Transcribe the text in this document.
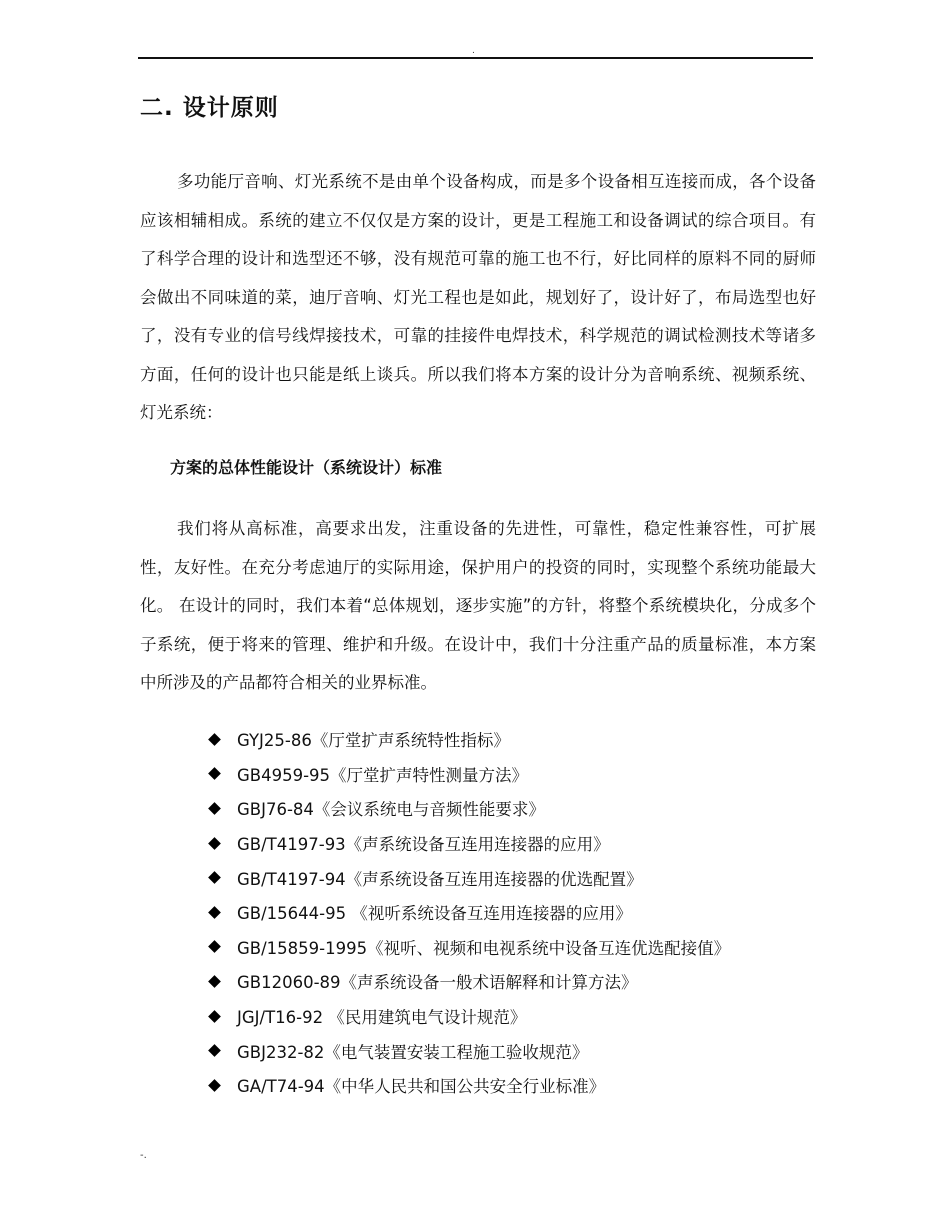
.
二. 设计原则

多功能厅音响、灯光系统不是由单个设备构成，而是多个设备相互连接而成，各个设备应该相辅相成。系统的建立不仅仅是方案的设计，更是工程施工和设备调试的综合项目。有了科学合理的设计和选型还不够，没有规范可靠的施工也不行，好比同样的原料不同的厨师会做出不同味道的菜，迪厅音响、灯光工程也是如此，规划好了，设计好了，布局选型也好了，没有专业的信号线焊接技术，可靠的挂接件电焊技术，科学规范的调试检测技术等诸多方面，任何的设计也只能是纸上谈兵。所以我们将本方案的设计分为音响系统、视频系统、灯光系统：

方案的总体性能设计（系统设计）标准

我们将从高标准，高要求出发，注重设备的先进性，可靠性，稳定性兼容性，可扩展性，友好性。在充分考虑迪厅的实际用途，保护用户的投资的同时，实现整个系统功能最大化。 在设计的同时，我们本着“总体规划，逐步实施”的方针，将整个系统模块化，分成多个子系统，便于将来的管理、维护和升级。在设计中，我们十分注重产品的质量标准，本方案中所涉及的产品都符合相关的业界标准。

GYJ25-86《厅堂扩声系统特性指标》
GB4959-95《厅堂扩声特性测量方法》
GBJ76-84《会议系统电与音频性能要求》
GB/T4197-93《声系统设备互连用连接器的应用》
GB/T4197-94《声系统设备互连用连接器的优选配置》
GB/15644-95 《视听系统设备互连用连接器的应用》
GB/15859-1995《视听、视频和电视系统中设备互连优选配接值》
GB12060-89《声系统设备一般术语解释和计算方法》
JGJ/T16-92 《民用建筑电气设计规范》
GBJ232-82《电气装置安装工程施工验收规范》
GA/T74-94《中华人民共和国公共安全行业标准》
-.
